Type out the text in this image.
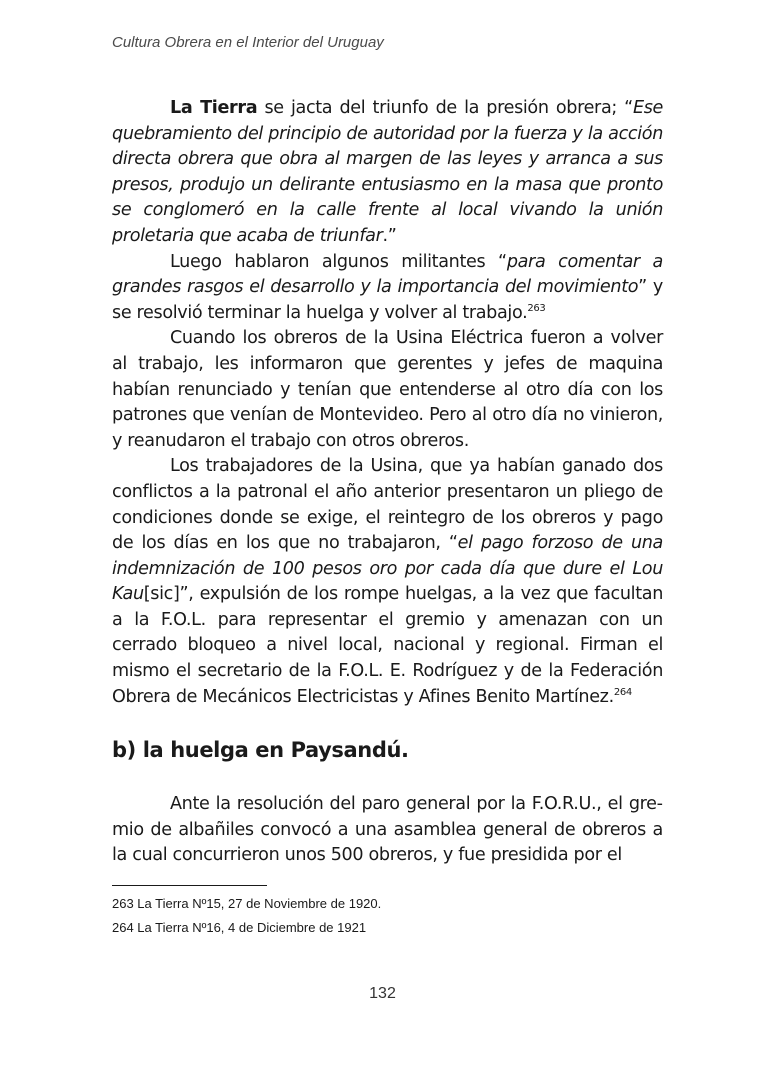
Cultura Obrera en el Interior del Uruguay

La Tierra se jacta del triunfo de la presión obrera; “Ese quebramiento del principio de autoridad por la fuerza y la acción directa obrera que obra al margen de las leyes y arranca a sus presos, produjo un delirante entusiasmo en la masa que pronto se conglomeró en la calle frente al local vivando la unión proletaria que acaba de triunfar.”

Luego hablaron algunos militantes “para comentar a grandes rasgos el desarrollo y la importancia del movimiento” y se resolvió terminar la huelga y volver al trabajo.$^{263}$

Cuando los obreros de la Usina Eléctrica fueron a volver al trabajo, les informaron que gerentes y jefes de maquina habían renunciado y tenían que entenderse al otro día con los patrones que venían de Montevideo. Pero al otro día no vinieron, y reanudaron el trabajo con otros obreros.

Los trabajadores de la Usina, que ya habían ganado dos conflictos a la patronal el año anterior presentaron un pliego de condiciones donde se exige, el reintegro de los obreros y pago de los días en los que no trabajaron, “el pago forzoso de una indemnización de 100 pesos oro por cada día que dure el Lou Kau[sic]”, expulsión de los rompe huelgas, a la vez que facultan a la F.O.L. para representar el gremio y amenazan con un cerrado bloqueo a nivel local, nacional y regional. Firman el mismo el secretario de la F.O.L. E. Rodríguez y de la Federación Obrera de Mecánicos Electricistas y Afines Benito Martínez.$^{264}$

b) la huelga en Paysandú.

Ante la resolución del paro general por la F.O.R.U., el gremio de albañiles convocó a una asamblea general de obreros a la cual concurrieron unos 500 obreros, y fue presidida por el

263 La Tierra Nº15, 27 de Noviembre de 1920.
264 La Tierra Nº16, 4 de Diciembre de 1921
132
